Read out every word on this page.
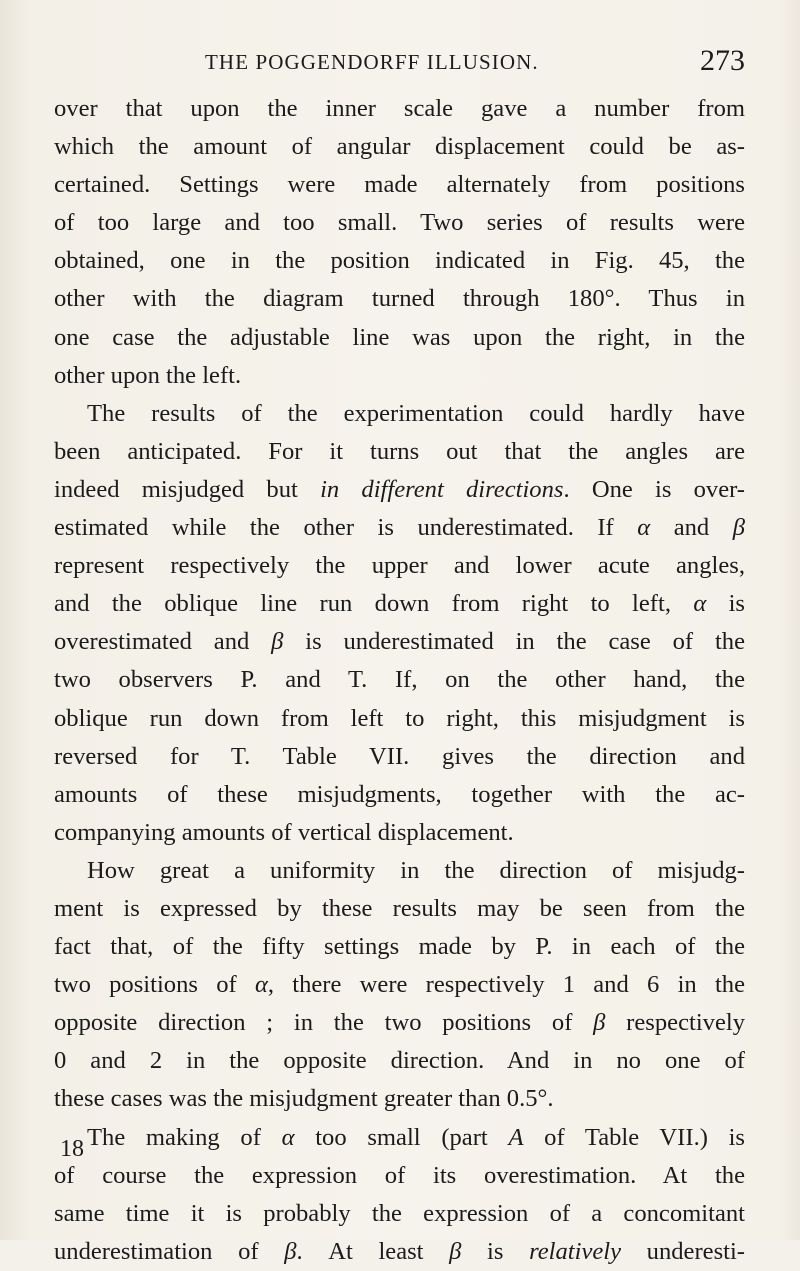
THE POGGENDORFF ILLUSION.	273
over that upon the inner scale gave a number from
which the amount of angular displacement could be as-
certained. Settings were made alternately from positions
of too large and too small. Two series of results were
obtained, one in the position indicated in Fig. 45, the
other with the diagram turned through 180°. Thus in
one case the adjustable line was upon the right, in the
other upon the left.
The results of the experimentation could hardly have
been anticipated. For it turns out that the angles are
indeed misjudged but in different directions. One is over-
estimated while the other is underestimated. If α and β
represent respectively the upper and lower acute angles,
and the oblique line run down from right to left, α is
overestimated and β is underestimated in the case of the
two observers P. and T. If, on the other hand, the
oblique run down from left to right, this misjudgment is
reversed for T. Table VII. gives the direction and
amounts of these misjudgments, together with the ac-
companying amounts of vertical displacement.
How great a uniformity in the direction of misjudg-
ment is expressed by these results may be seen from the
fact that, of the fifty settings made by P. in each of the
two positions of α, there were respectively 1 and 6 in the
opposite direction ; in the two positions of β respectively
0 and 2 in the opposite direction. And in no one of
these cases was the misjudgment greater than 0.5°.
The making of α too small (part A of Table VII.) is
of course the expression of its overestimation. At the
same time it is probably the expression of a concomitant
underestimation of β. At least β is relatively underesti-
18
